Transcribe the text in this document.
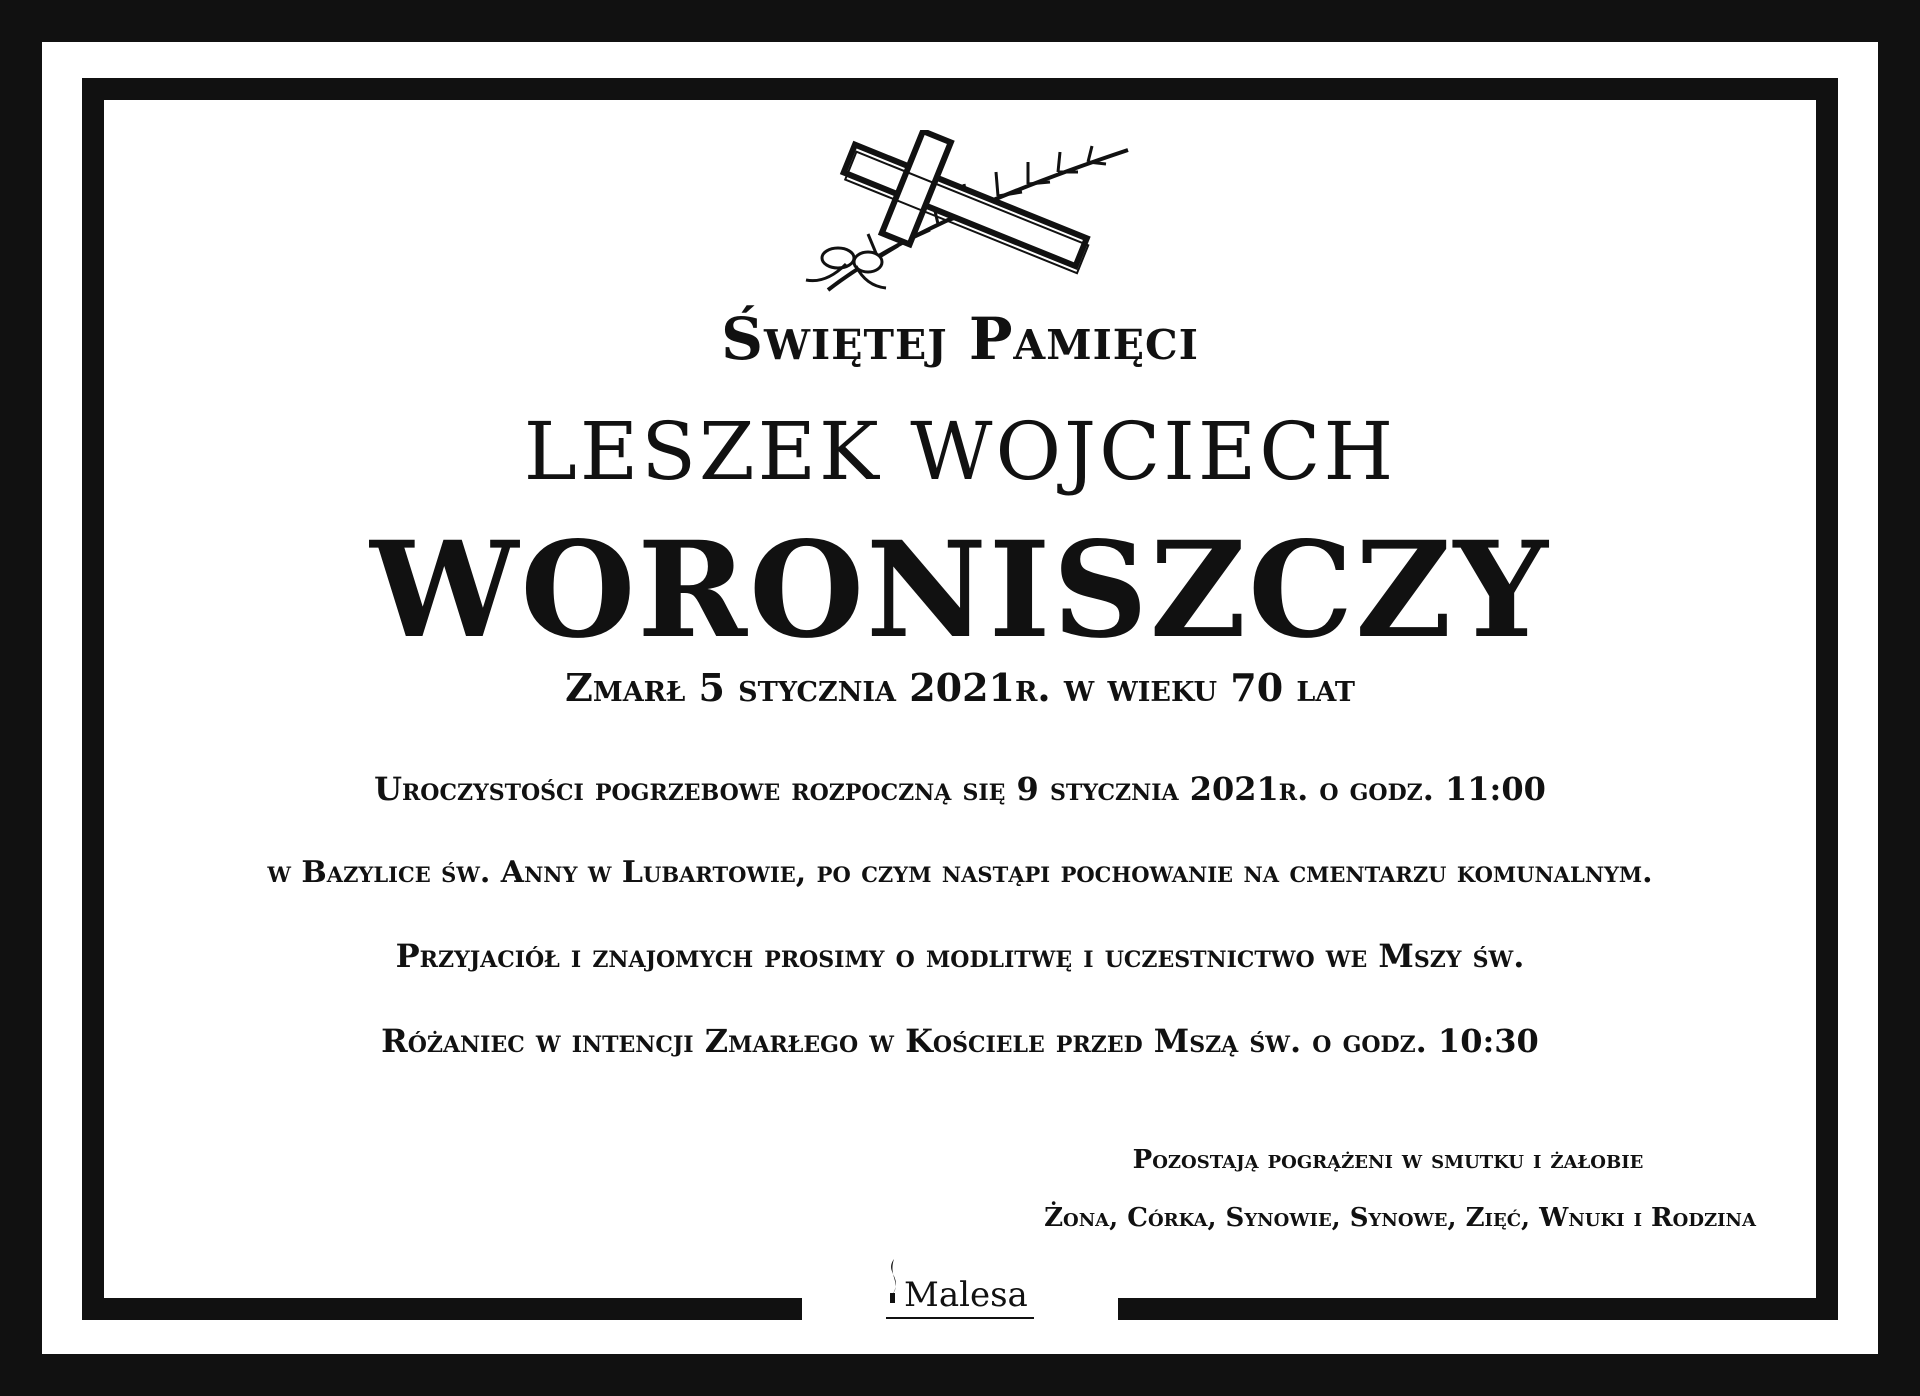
Świętej Pamięci
LESZEK WOJCIECH
WORONISZCZY
Zmarł 5 stycznia 2021r. w wieku 70 lat
Uroczystości pogrzebowe rozpoczną się 9 stycznia 2021r. o godz. 11:00
w Bazylice św. Anny w Lubartowie, po czym nastąpi pochowanie na cmentarzu komunalnym.
Przyjaciół i znajomych prosimy o modlitwę i uczestnictwo we Mszy św.
Różaniec w intencji Zmarłego w Kościele przed Mszą św. o godz. 10:30
Pozostają pogrążeni w smutku i żałobie
Żona, Córka, Synowie, Synowe, Zięć, Wnuki i Rodzina
Malesa
